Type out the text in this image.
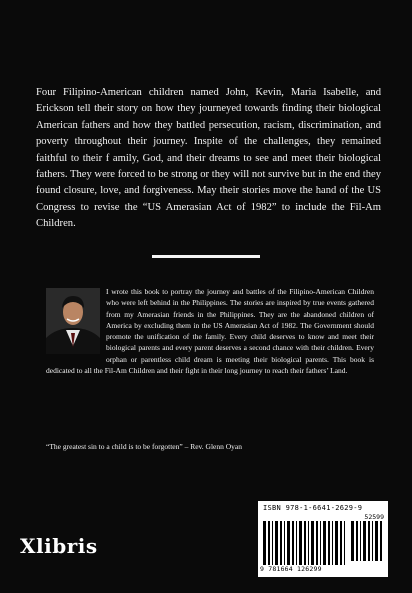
Four Filipino-American children named John, Kevin, Maria Isabelle, and Erickson tell their story on how they journeyed towards finding their biological American fathers and how they battled persecution, racism, discrimination, and poverty throughout their journey. Inspite of the challenges, they remained faithful to their f amily, God, and their dreams to see and meet their biological fathers. They were forced to be strong or they will not survive but in the end they found closure, love, and forgiveness. May their stories move the hand of the US Congress to revise the “US Amerasian Act of 1982” to include the Fil-Am Children.
I wrote this book to portray the journey and battles of the Filipino-American Children who were left behind in the Philippines. The stories are inspired by true events gathered from my Amerasian friends in the Philippines. They are the abandoned children of America by excluding them in the US Amerasian Act of 1982. The Government should promote the unification of the family. Every child deserves to know and meet their biological parents and every parent deserves a second chance with their children. Every orphan or parentless child dream is meeting their biological parents. This book is dedicated to all the Fil-Am Children and their fight in their long journey to reach their fathers’ Land.
“The greatest sin to a child is to be forgotten” – Rev. Glenn Oyan
Xlibris
ISBN 978-1-6641-2629-9
52599
9 781664 126299
